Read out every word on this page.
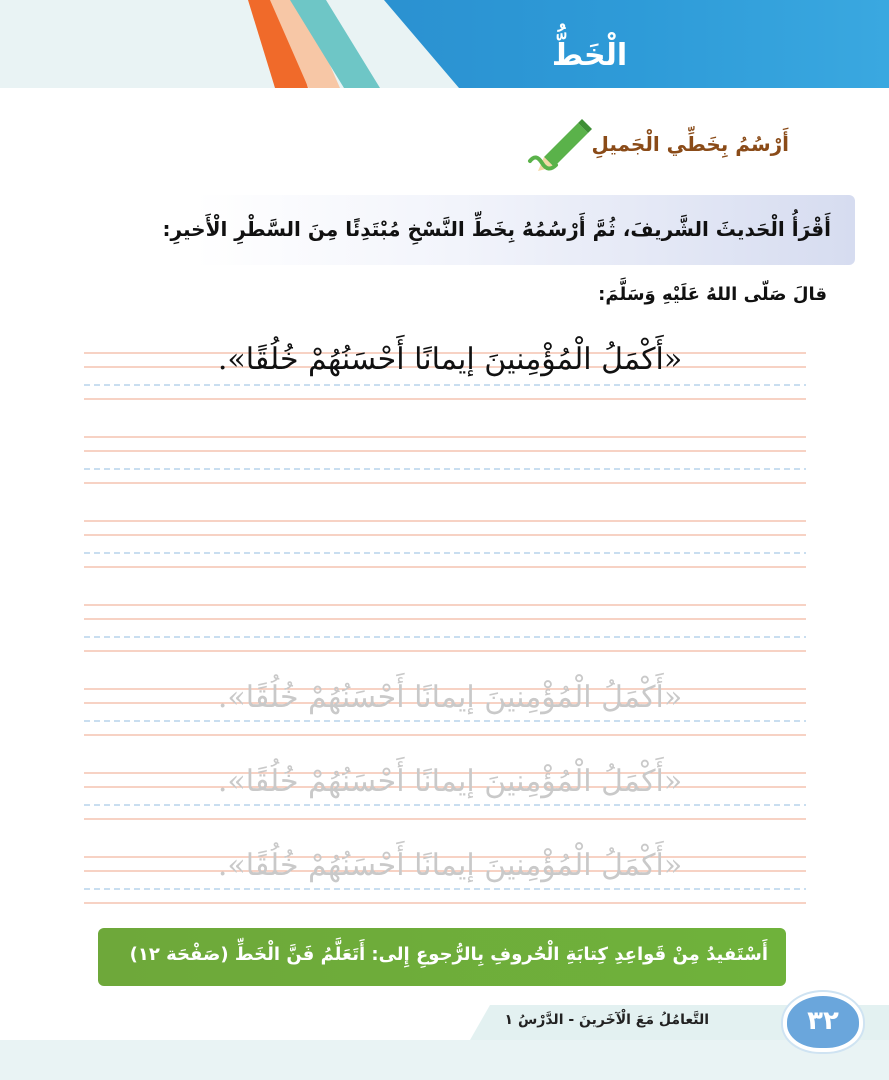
الْخَطُّ
أَرْسُمُ بِخَطِّي الْجَميلِ
أَقْرَأُ الْحَديثَ الشَّريفَ، ثُمَّ أَرْسُمُهُ بِخَطِّ النَّسْخِ مُبْتَدِئًا مِنَ السَّطْرِ الْأَخيرِ:
قالَ صَلّى اللهُ عَلَيْهِ وَسَلَّمَ:
«أَكْمَلُ الْمُؤْمِنينَ إيمانًا أَحْسَنُهُمْ خُلُقًا».
«أَكْمَلُ الْمُؤْمِنينَ إيمانًا أَحْسَنُهُمْ خُلُقًا».
«أَكْمَلُ الْمُؤْمِنينَ إيمانًا أَحْسَنُهُمْ خُلُقًا».
«أَكْمَلُ الْمُؤْمِنينَ إيمانًا أَحْسَنُهُمْ خُلُقًا».
أَسْتَفيدُ مِنْ قَواعِدِ كِتابَةِ الْحُروفِ بِالرُّجوعِ إِلى: أَتَعَلَّمُ فَنَّ الْخَطِّ (صَفْحَة ١٢)
التَّعامُلُ مَعَ الْآخَرينَ - الدَّرْسُ ١	٣٢
